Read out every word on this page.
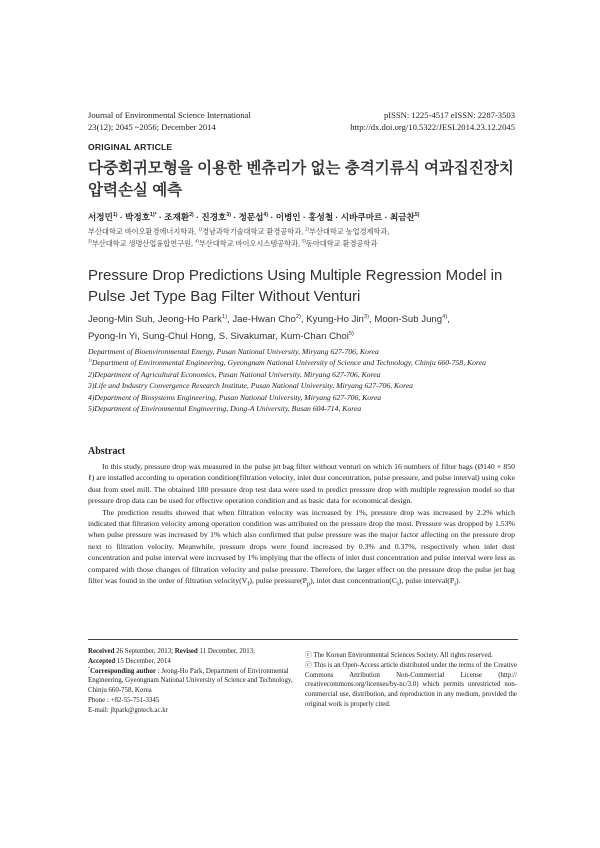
Journal of Environmental Science International
23(12); 2045 ~2056; December 2014
pISSN: 1225-4517 eISSN: 2287-3503
http://dx.doi.org/10.5322/JESI.2014.23.12.2045
ORIGINAL ARTICLE
다중회귀모형을 이용한 벤츄리가 없는 충격기류식 여과집진장치 압력손실 예측
서정민$^{1)}$ · 박정호$^{1)*}$ · 조재환$^{2)}$ · 진경호$^{3)}$ · 정문섭$^{4)}$ · 이병인 · 홍성철 · 시바쿠마르 · 최금찬$^{5)}$
부산대학교 바이오환경에너지학과, $^{1)}$경남과학기술대학교 환경공학과, $^{2)}$부산대학교 농업경제학과,
$^{3)}$부산대학교 생명산업융합연구원, $^{4)}$부산대학교 바이오시스템공학과, $^{5)}$동아대학교 환경공학과
Pressure Drop Predictions Using Multiple Regression Model in Pulse Jet Type Bag Filter Without Venturi
Jeong-Min Suh, Jeong-Ho Park$^{1)}$, Jae-Hwan Cho$^{2)}$, Kyung-Ho Jin$^{3)}$, Moon-Sub Jung$^{4)}$,
Pyong-In Yi, Sung-Chul Hong, S. Sivakumar, Kum-Chan Choi$^{5)}$
Department of Bioenvironmental Energy, Pusan National University, Miryang 627-706, Korea
$^{1)}$Department of Environmental Engineering, Gyeongnam National University of Science and Technology, Chinju 660-758, Korea
2)Department of Agricultural Economics, Pusan National University, Miryang 627-706, Korea
3)Life and Industry Convergence Research Institute, Pusan National University, Miryang 627-706, Korea
4)Department of Biosystems Engineering, Pusan National University, Miryang 627-706, Korea
5)Department of Environmental Engineering, Dong-A University, Busan 604-714, Korea
Abstract

In this study, pressure drop was measured in the pulse jet bag filter without venturi on which 16 numbers of filter bags (Ø140 × 850 ℓ) are installed according to operation condition(filtration velocity, inlet dust concentration, pulse pressure, and pulse interval) using coke dust from steel mill. The obtained 180 pressure drop test data were used to predict pressure drop with multiple regression model so that pressure drop data can be used for effective operation condition and as basic data for economical design.

The prediction results showed that when filtration velocity was increased by 1%, pressure drop was increased by 2.2% which indicated that filtration velocity among operation condition was attributed on the pressure drop the most. Pressure was dropped by 1.53% when pulse pressure was increased by 1% which also confirmed that pulse pressure was the major factor affecting on the pressure drop next to filtration velocity. Meanwhile, pressure drops were found increased by 0.3% and 0.37%, respectively when inlet dust concentration and pulse interval were increased by 1% implying that the effects of inlet dust concentration and pulse interval were less as compared with those changes of filtration velocity and pulse pressure. Therefore, the larger effect on the pressure drop the pulse jet bag filter was found in the order of filtration $velocity(V_f)$, pulse $pressure(P_p)$, inlet dust $concentration(C_i)$, pulse $interval(P_i)$.

Received 26 September, 2013; Revised 11 December, 2013;
Accepted 15 December, 2014
*Corresponding author : Jeong-Ho Park, Department of Environmental Engineering, Gyeongnam National University of Science and Technology, Chinju 660-758, Korea
Phone : +82-55-751-3345
E-mail: jhpark@gntech.ac.kr

ⓒ The Korean Environmental Sciences Society. All rights reserved.

ⓒ This is an Open-Access article distributed under the terms of the Creative Commons Attribution Non-Commercial License (http:// creativecommons.org/licenses/by-nc/3.0) which permits unrestricted non-commercial use, distribution, and reproduction in any medium, provided the original work is properly cited.
